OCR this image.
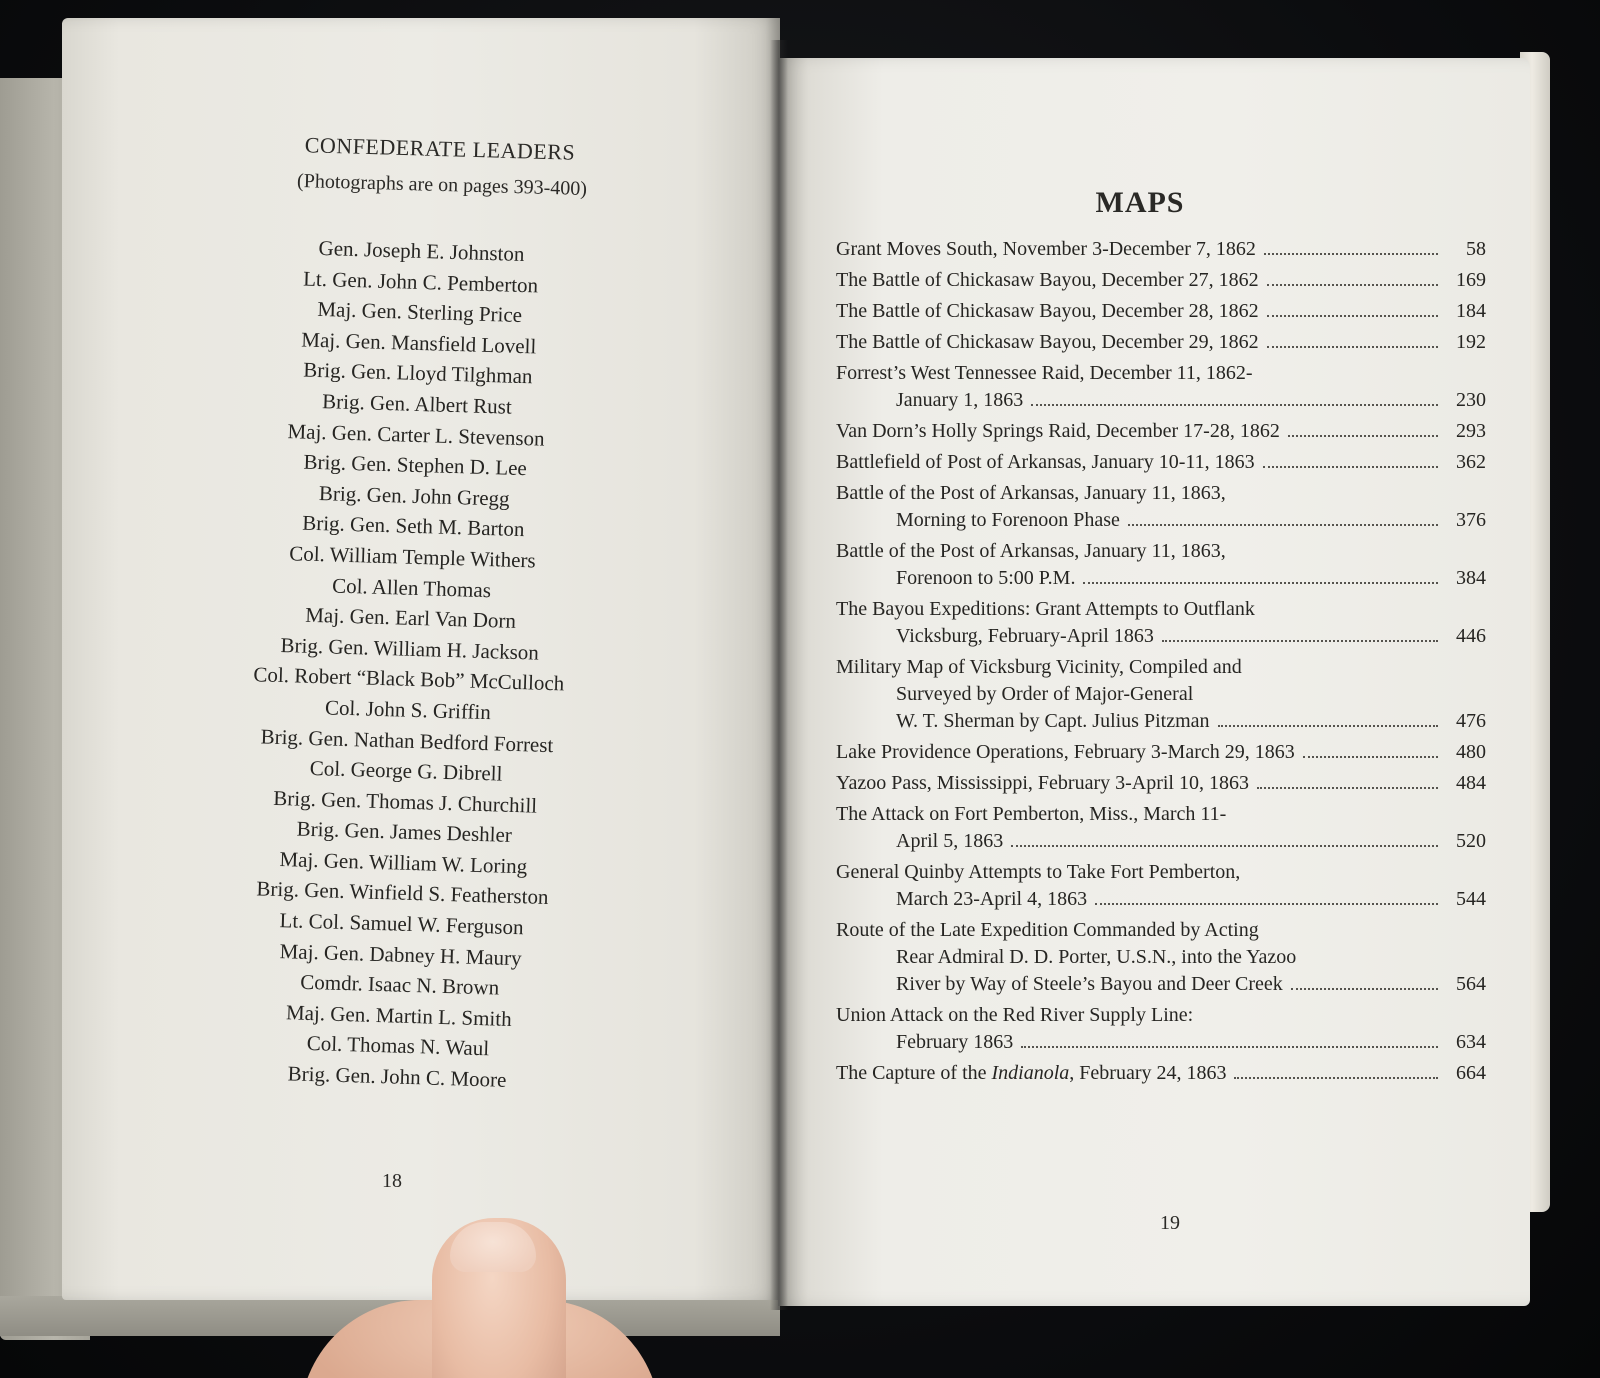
CONFEDERATE LEADERS
(Photographs are on pages 393-400)
Gen. Joseph E. Johnston
Lt. Gen. John C. Pemberton
Maj. Gen. Sterling Price
Maj. Gen. Mansfield Lovell
Brig. Gen. Lloyd Tilghman
Brig. Gen. Albert Rust
Maj. Gen. Carter L. Stevenson
Brig. Gen. Stephen D. Lee
Brig. Gen. John Gregg
Brig. Gen. Seth M. Barton
Col. William Temple Withers
Col. Allen Thomas
Maj. Gen. Earl Van Dorn
Brig. Gen. William H. Jackson
Col. Robert “Black Bob” McCulloch
Col. John S. Griffin
Brig. Gen. Nathan Bedford Forrest
Col. George G. Dibrell
Brig. Gen. Thomas J. Churchill
Brig. Gen. James Deshler
Maj. Gen. William W. Loring
Brig. Gen. Winfield S. Featherston
Lt. Col. Samuel W. Ferguson
Maj. Gen. Dabney H. Maury
Comdr. Isaac N. Brown
Maj. Gen. Martin L. Smith
Col. Thomas N. Waul
Brig. Gen. John C. Moore
18
MAPS
Grant Moves South, November 3-December 7, 1862	58
The Battle of Chickasaw Bayou, December 27, 1862	169
The Battle of Chickasaw Bayou, December 28, 1862	184
The Battle of Chickasaw Bayou, December 29, 1862	192
Forrest’s West Tennessee Raid, December 11, 1862-
January 1, 1863	230
Van Dorn’s Holly Springs Raid, December 17-28, 1862	293
Battlefield of Post of Arkansas, January 10-11, 1863	362
Battle of the Post of Arkansas, January 11, 1863,
Morning to Forenoon Phase	376
Battle of the Post of Arkansas, January 11, 1863,
Forenoon to 5:00 P.M.	384
The Bayou Expeditions: Grant Attempts to Outflank
Vicksburg, February-April 1863	446
Military Map of Vicksburg Vicinity, Compiled and
Surveyed by Order of Major-General
W. T. Sherman by Capt. Julius Pitzman	476
Lake Providence Operations, February 3-March 29, 1863	480
Yazoo Pass, Mississippi, February 3-April 10, 1863	484
The Attack on Fort Pemberton, Miss., March 11-
April 5, 1863	520
General Quinby Attempts to Take Fort Pemberton,
March 23-April 4, 1863	544
Route of the Late Expedition Commanded by Acting
Rear Admiral D. D. Porter, U.S.N., into the Yazoo
River by Way of Steele’s Bayou and Deer Creek	564
Union Attack on the Red River Supply Line:
February 1863	634
The Capture of the Indianola, February 24, 1863	664
19
